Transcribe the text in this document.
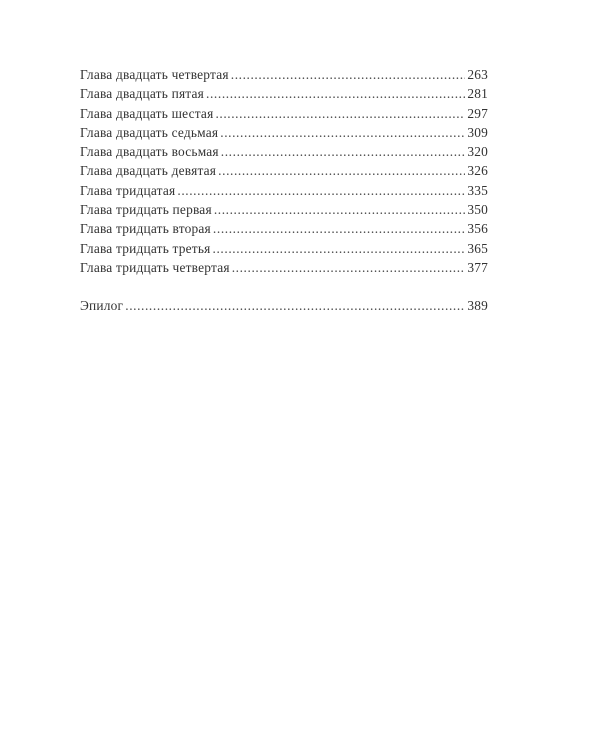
Глава двадцать четвертая .....	263
Глава двадцать пятая .....	281
Глава двадцать шестая .....	297
Глава двадцать седьмая .....	309
Глава двадцать восьмая .....	320
Глава двадцать девятая .....	326
Глава тридцатая .....	335
Глава тридцать первая .....	350
Глава тридцать вторая .....	356
Глава тридцать третья .....	365
Глава тридцать четвертая .....	377
Эпилог .....	389
